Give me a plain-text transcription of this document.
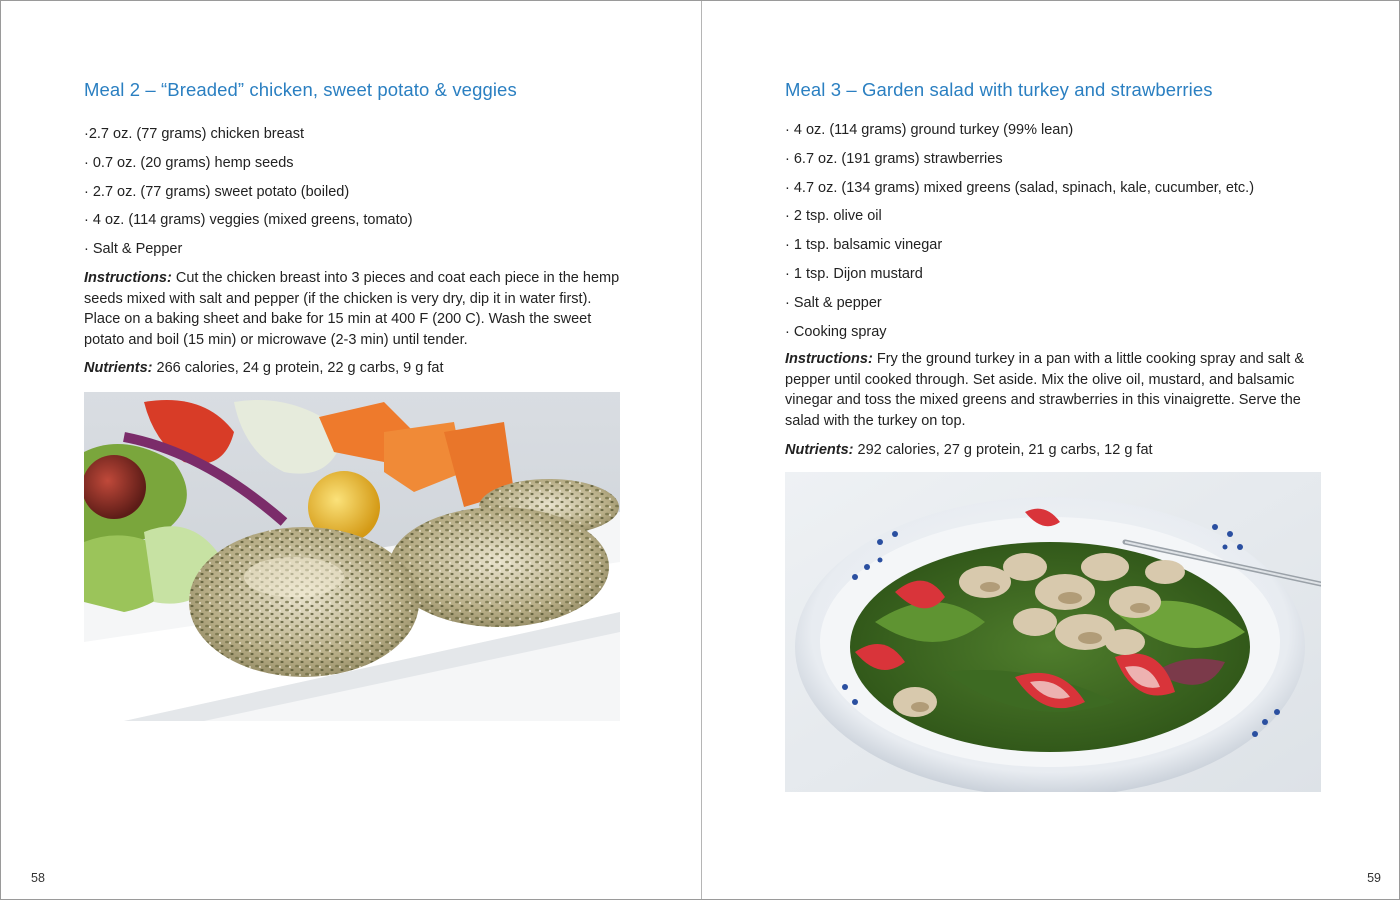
Meal 2 – “Breaded” chicken, sweet potato & veggies
·2.7 oz. (77 grams) chicken breast
· 0.7 oz. (20 grams) hemp seeds
· 2.7 oz. (77 grams) sweet potato (boiled)
· 4 oz. (114 grams) veggies (mixed greens, tomato)
· Salt & Pepper

Instructions: Cut the chicken breast into 3 pieces and coat each piece in the hemp seeds mixed with salt and pepper (if the chicken is very dry, dip it in water first). Place on a baking sheet and bake for 15 min at 400 F (200 C). Wash the sweet potato and boil (15 min) or microwave (2-3 min) until tender.

Nutrients: 266 calories, 24 g protein, 22 g carbs, 9 g fat

58
Meal 3 – Garden salad with turkey and strawberries
· 4 oz. (114 grams) ground turkey (99% lean)
· 6.7 oz. (191 grams) strawberries
· 4.7 oz. (134 grams) mixed greens (salad, spinach, kale, cucumber, etc.)
· 2 tsp. olive oil
· 1 tsp. balsamic vinegar
· 1 tsp. Dijon mustard
· Salt & pepper
· Cooking spray

Instructions: Fry the ground turkey in a pan with a little cooking spray and salt & pepper until cooked through. Set aside. Mix the olive oil, mustard, and balsamic vinegar and toss the mixed greens and strawberries in this vinaigrette. Serve the salad with the turkey on top.

Nutrients: 292 calories, 27 g protein, 21 g carbs, 12 g fat

59
